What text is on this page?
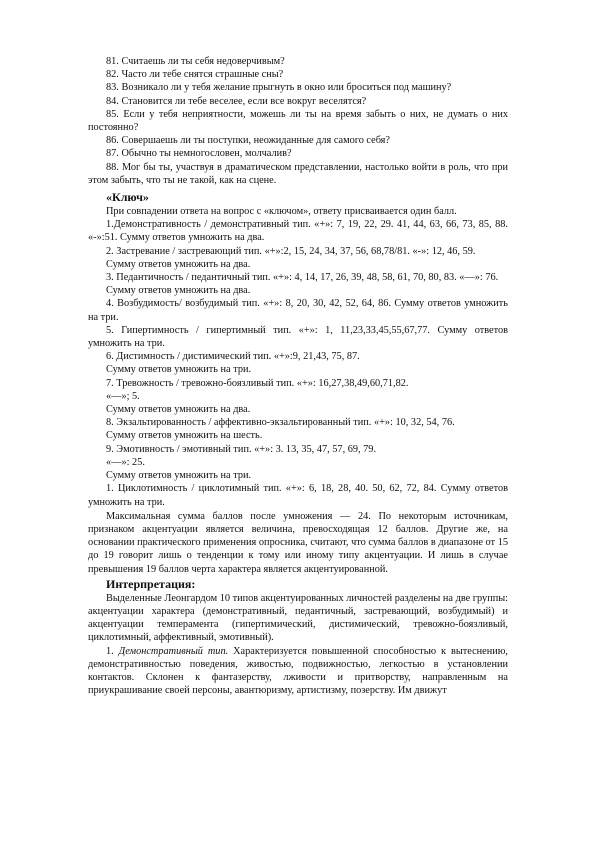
81. Считаешь ли ты себя недоверчивым?

82. Часто ли тебе снятся страшные сны?

83. Возникало ли у тебя желание прыгнуть в окно или броситься под машину?

84. Становится ли тебе веселее, если все вокруг веселятся?

85. Если у тебя неприятности, можешь ли ты на время забыть о них, не думать о них постоянно?

86. Совершаешь ли ты поступки, неожиданные для самого себя?

87. Обычно ты немногословен, молчалив?

88. Мог бы ты, участвуя в драматическом представлении, настолько войти в роль, что при этом забыть, что ты не такой, как на сцене.

«Ключ»

При совпадении ответа на вопрос с «ключом», ответу присваивается один балл.

1.Демонстративность / демонстративный тип. «+»: 7, 19, 22, 29. 41, 44, 63, 66, 73, 85, 88. «-»:51. Сумму ответов умножить на два.

2. Застревание / застревающий тип. «+»:2, 15, 24, 34, 37, 56, 68,78/81. «-»: 12, 46, 59.

Сумму ответов умножить на два.

3. Педантичность / педантичный тип. «+»: 4, 14, 17, 26, 39, 48, 58, 61, 70, 80, 83. «—»: 76.

Сумму ответов умножить на два.

4. Возбудимость/ возбудимый тип. «+»: 8, 20, 30, 42, 52, 64, 86. Сумму ответов умножить на три.

5. Гипертимность / гипертимный тип. «+»: 1, 11,23,33,45,55,67,77. Сумму ответов умножить на три.

6. Дистимность / дистимический тип. «+»:9, 21,43, 75, 87.

Сумму ответов умножить на три.

7. Тревожность / тревожно-боязливый тип. «+»: 16,27,38,49,60,71,82.

«—»; 5.

Сумму ответов умножить на два.

8. Экзальтированность / аффективно-экзальтированный тип. «+»: 10, 32, 54, 76.

Сумму ответов умножить на шесть.

9. Эмотивность / эмотивный тип. «+»: 3. 13, 35, 47, 57, 69, 79.

«—»: 25.

Сумму ответов умножить на три.

1. Циклотимность / циклотимный тип. «+»: 6, 18, 28, 40. 50, 62, 72, 84. Сумму ответов умножить на три.

Максимальная сумма баллов после умножения — 24. По некоторым источникам, признаком акцентуации является величина, превосходящая 12 баллов. Другие же, на основании практического применения опросника, считают, что сумма баллов в диапазоне от 15 до 19 говорит лишь о тенденции к тому или иному типу акцентуации. И лишь в случае превышения 19 баллов черта характера является акцентуированной.

Интерпретация:

Выделенные Леонгардом 10 типов акцентуированных личностей разделены на две группы: акцентуации характера (демонстративный, педантичный, застревающий, возбудимый) и акцентуации темперамента (гипертимический, дистимический, тревожно-боязливый, циклотимный, аффективный, эмотивный).

1. Демонстративный тип. Характеризуется повышенной способностью к вытеснению, демонстративностью поведения, живостью, подвижностью, легкостью в установлении контактов. Склонен к фантазерству, лживости и притворству, направленным на приукрашивание своей персоны, авантюризму, артистизму, позерству. Им движут
